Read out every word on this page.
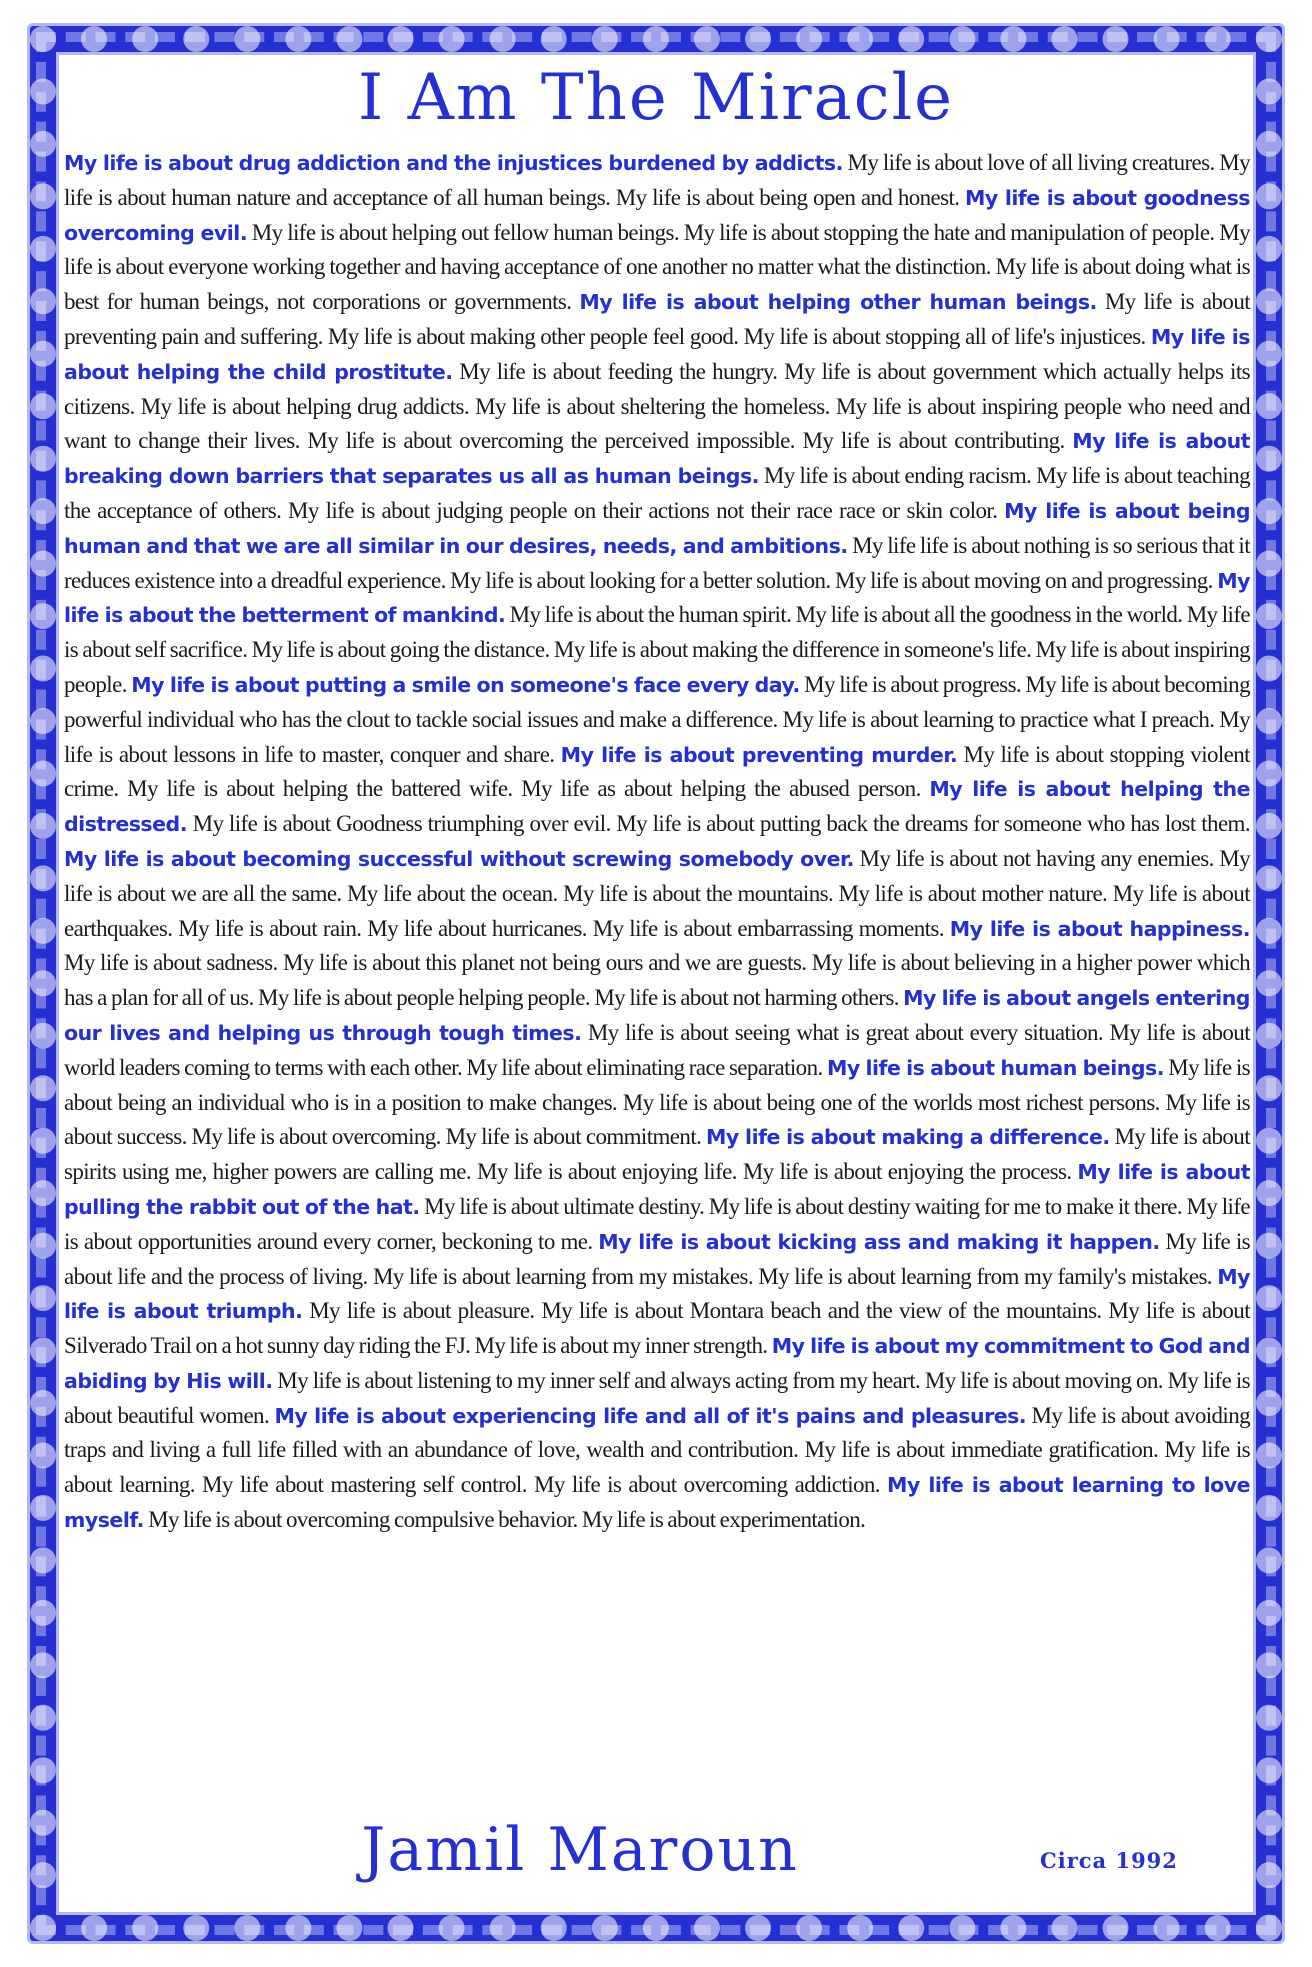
I Am The Miracle
My life is about drug addiction and the injustices burdened by addicts. My life is about love of all living creatures. My life is about human nature and acceptance of all human beings. My life is about being open and honest. My life is about goodness overcoming evil. My life is about helping out fellow human beings. My life is about stopping the hate and manipulation of people. My life is about everyone working together and having acceptance of one another no matter what the distinction. My life is about doing what is best for human beings, not corporations or governments. My life is about helping other human beings. My life is about preventing pain and suffering. My life is about making other people feel good. My life is about stopping all of life's injustices. My life is about helping the child prostitute. My life is about feeding the hungry. My life is about government which actually helps its citizens. My life is about helping drug addicts. My life is about sheltering the homeless. My life is about inspiring people who need and want to change their lives. My life is about overcoming the perceived impossible. My life is about contributing. My life is about breaking down barriers that separates us all as human beings. My life is about ending racism. My life is about teaching the acceptance of others. My life is about judging people on their actions not their race race or skin color. My life is about being human and that we are all similar in our desires, needs, and ambitions. My life life is about nothing is so serious that it reduces existence into a dreadful experience. My life is about looking for a better solution. My life is about moving on and progressing. My life is about the betterment of mankind. My life is about the human spirit. My life is about all the goodness in the world. My life is about self sacrifice. My life is about going the distance. My life is about making the difference in someone's life. My life is about inspiring people. My life is about putting a smile on someone's face every day. My life is about progress. My life is about becoming powerful individual who has the clout to tackle social issues and make a difference. My life is about learning to practice what I preach. My life is about lessons in life to master, conquer and share. My life is about preventing murder. My life is about stopping violent crime. My life is about helping the battered wife. My life as about helping the abused person. My life is about helping the distressed. My life is about Goodness triumphing over evil. My life is about putting back the dreams for someone who has lost them. My life is about becoming successful without screwing somebody over. My life is about not having any enemies. My life is about we are all the same. My life about the ocean. My life is about the mountains. My life is about mother nature. My life is about earthquakes. My life is about rain. My life about hurricanes. My life is about embarrassing moments. My life is about happiness. My life is about sadness. My life is about this planet not being ours and we are guests. My life is about believing in a higher power which has a plan for all of us. My life is about people helping people. My life is about not harming others. My life is about angels entering our lives and helping us through tough times. My life is about seeing what is great about every situation. My life is about world leaders coming to terms with each other. My life about eliminating race separation. My life is about human beings. My life is about being an individual who is in a position to make changes. My life is about being one of the worlds most richest persons. My life is about success. My life is about overcoming. My life is about commitment. My life is about making a difference. My life is about spirits using me, higher powers are calling me. My life is about enjoying life. My life is about enjoying the process. My life is about pulling the rabbit out of the hat. My life is about ultimate destiny. My life is about destiny waiting for me to make it there. My life is about opportunities around every corner, beckoning to me. My life is about kicking ass and making it happen. My life is about life and the process of living. My life is about learning from my mistakes. My life is about learning from my family's mistakes. My life is about triumph. My life is about pleasure. My life is about Montara beach and the view of the mountains. My life is about Silverado Trail on a hot sunny day riding the FJ. My life is about my inner strength. My life is about my commitment to God and abiding by His will. My life is about listening to my inner self and always acting from my heart. My life is about moving on. My life is about beautiful women. My life is about experiencing life and all of it's pains and pleasures. My life is about avoiding traps and living a full life filled with an abundance of love, wealth and contribution. My life is about immediate gratification. My life is about learning. My life about mastering self control. My life is about overcoming addiction. My life is about learning to love myself. My life is about overcoming compulsive behavior. My life is about experimentation.
Jamil Maroun	Circa 1992
